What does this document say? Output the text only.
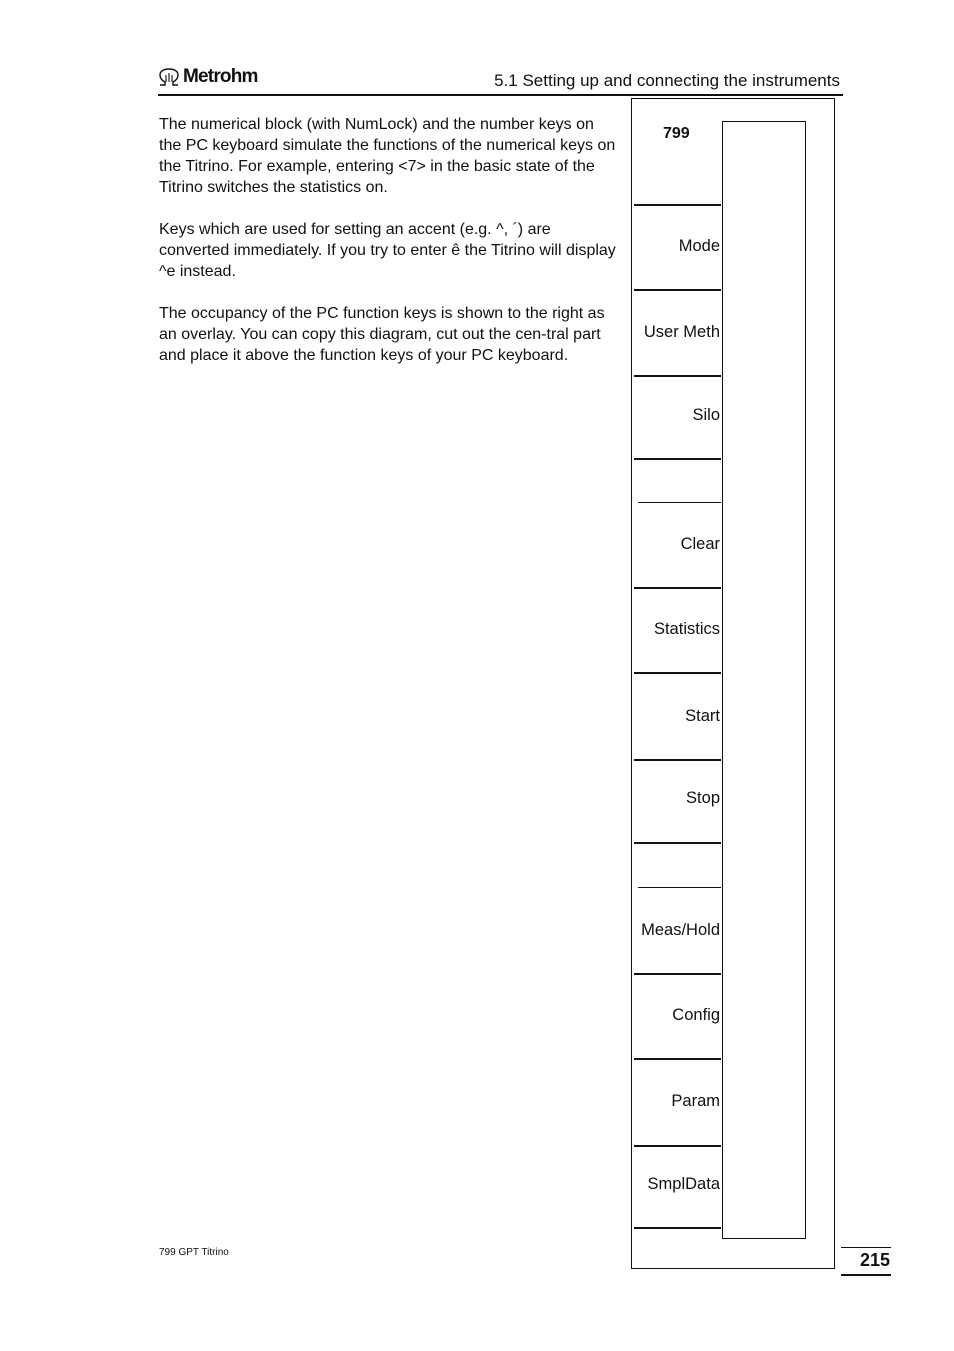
Metrohm	5.1 Setting up and connecting the instruments

The numerical block (with NumLock) and the number keys on the PC keyboard simulate the functions of the numerical keys on the Titrino. For example, entering <7> in the basic state of the Titrino switches the statistics on.

Keys which are used for setting an accent (e.g. ^, ´) are converted immediately. If you try to enter ê the Titrino will display ^e instead.

The occupancy of the PC function keys is shown to the right as an overlay. You can copy this diagram, cut out the cen-tral part and place it above the function keys of your PC keyboard.

799
Mode
User Meth
Silo
Clear
Statistics
Start
Stop
Meas/Hold
Config
Param
SmplData
799 GPT Titrino	215
